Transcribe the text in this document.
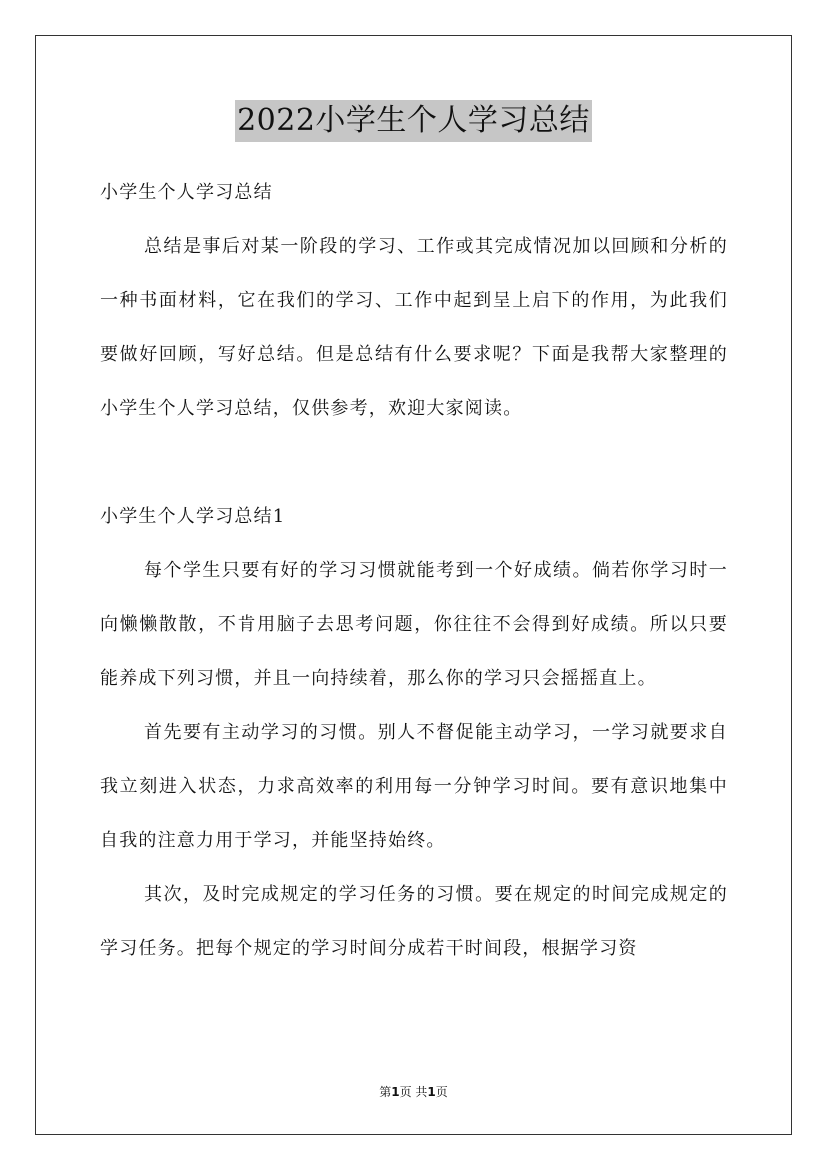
2022小学生个人学习总结
小学生个人学习总结
总结是事后对某一阶段的学习、工作或其完成情况加以回顾和分析的一种书面材料，它在我们的学习、工作中起到呈上启下的作用，为此我们要做好回顾，写好总结。但是总结有什么要求呢？下面是我帮大家整理的小学生个人学习总结，仅供参考，欢迎大家阅读。
小学生个人学习总结1
每个学生只要有好的学习习惯就能考到一个好成绩。倘若你学习时一向懒懒散散，不肯用脑子去思考问题，你往往不会得到好成绩。所以只要能养成下列习惯，并且一向持续着，那么你的学习只会摇摇直上。
首先要有主动学习的习惯。别人不督促能主动学习，一学习就要求自我立刻进入状态，力求高效率的利用每一分钟学习时间。要有意识地集中自我的注意力用于学习，并能坚持始终。
其次，及时完成规定的学习任务的习惯。要在规定的时间完成规定的学习任务。把每个规定的学习时间分成若干时间段，根据学习资
第1页 共1页
